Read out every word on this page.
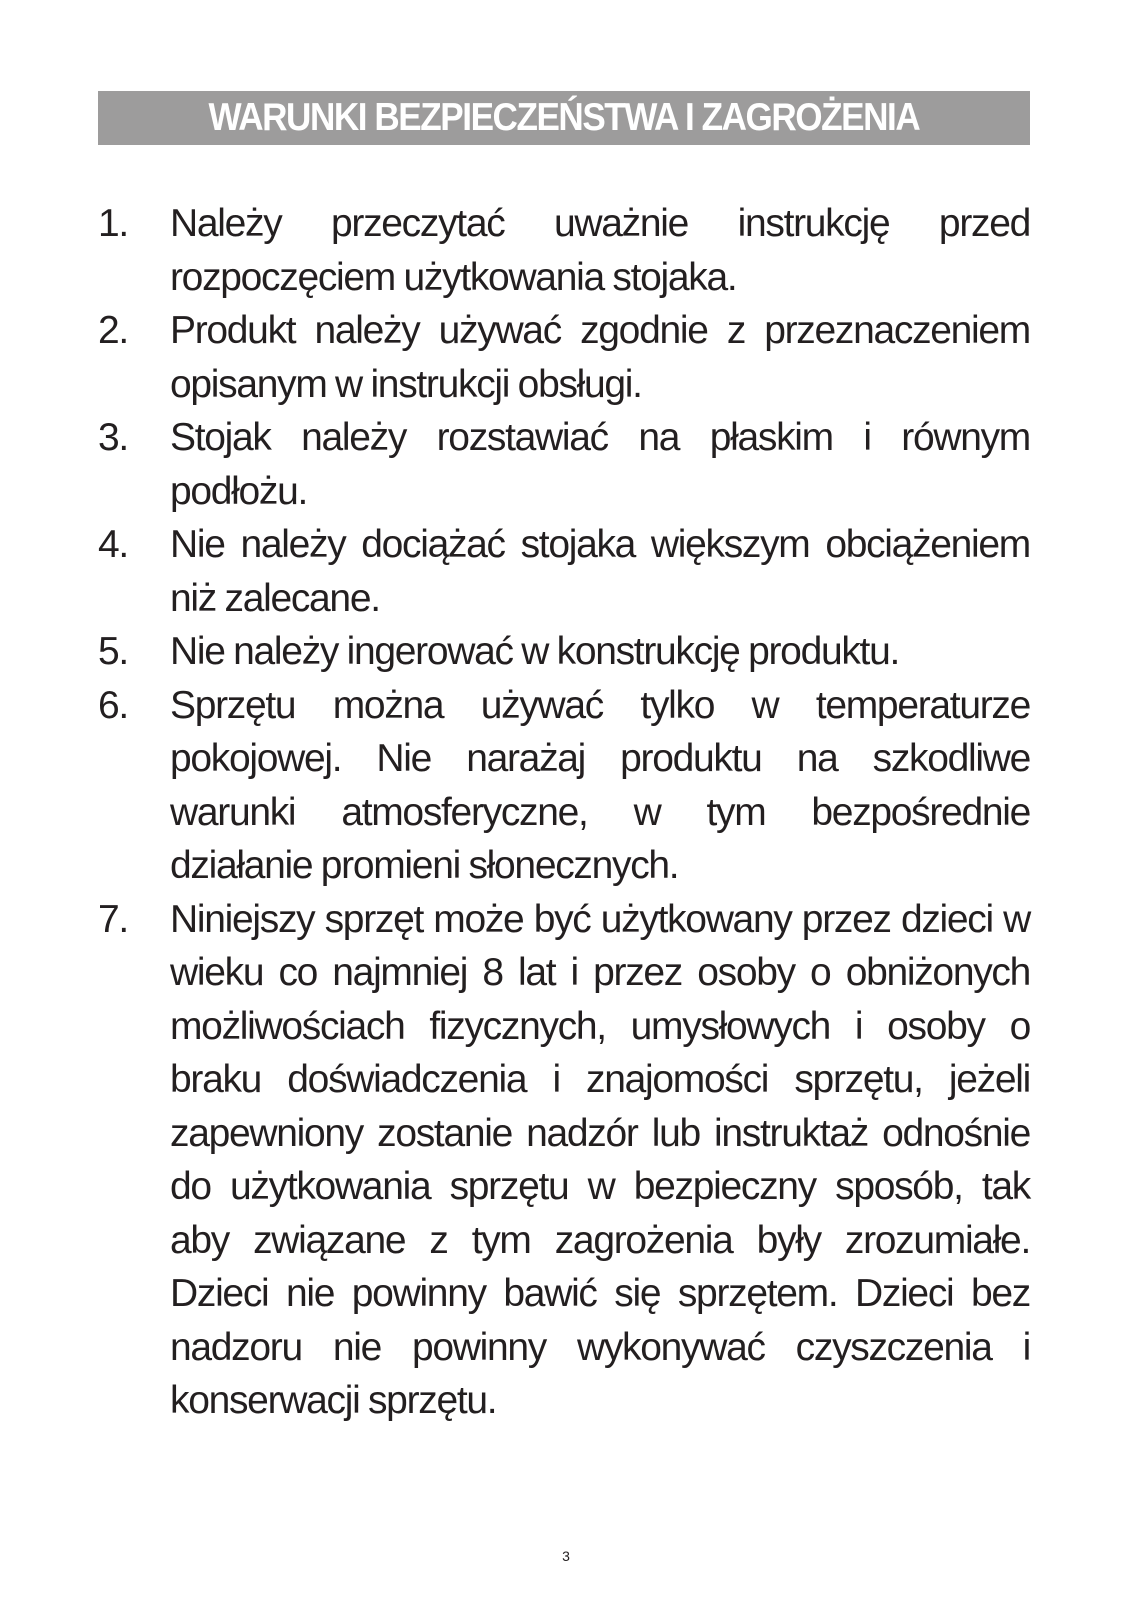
WARUNKI BEZPIECZEŃSTWA I ZAGROŻENIA
1.	Należy przeczytać uważnie instrukcję przed rozpoczęciem użytkowania stojaka.
2.	Produkt należy używać zgodnie z przeznaczeniem opisanym w instrukcji obsługi.
3.	Stojak należy rozstawiać na płaskim i równym podłożu.
4.	Nie należy dociążać stojaka większym obciążeniem niż zalecane.
5.	Nie należy ingerować w konstrukcję produktu.
6.	Sprzętu można używać tylko w temperaturze pokojowej. Nie narażaj produktu na szkodliwe warunki atmosferyczne, w tym bezpośrednie działanie promieni słonecznych.
7.	Niniejszy sprzęt może być użytkowany przez dzieci w wieku co najmniej 8 lat i przez osoby o obniżonych możliwościach fizycznych, umysłowych i osoby o braku doświadczenia i znajomości sprzętu, jeżeli zapewniony zostanie nadzór lub instruktaż odnośnie do użytkowania sprzętu w bezpieczny sposób, tak aby związane z tym zagrożenia były zrozumiałe. Dzieci nie powinny bawić się sprzętem. Dzieci bez nadzoru nie powinny wykonywać czyszczenia i konserwacji sprzętu.
3
